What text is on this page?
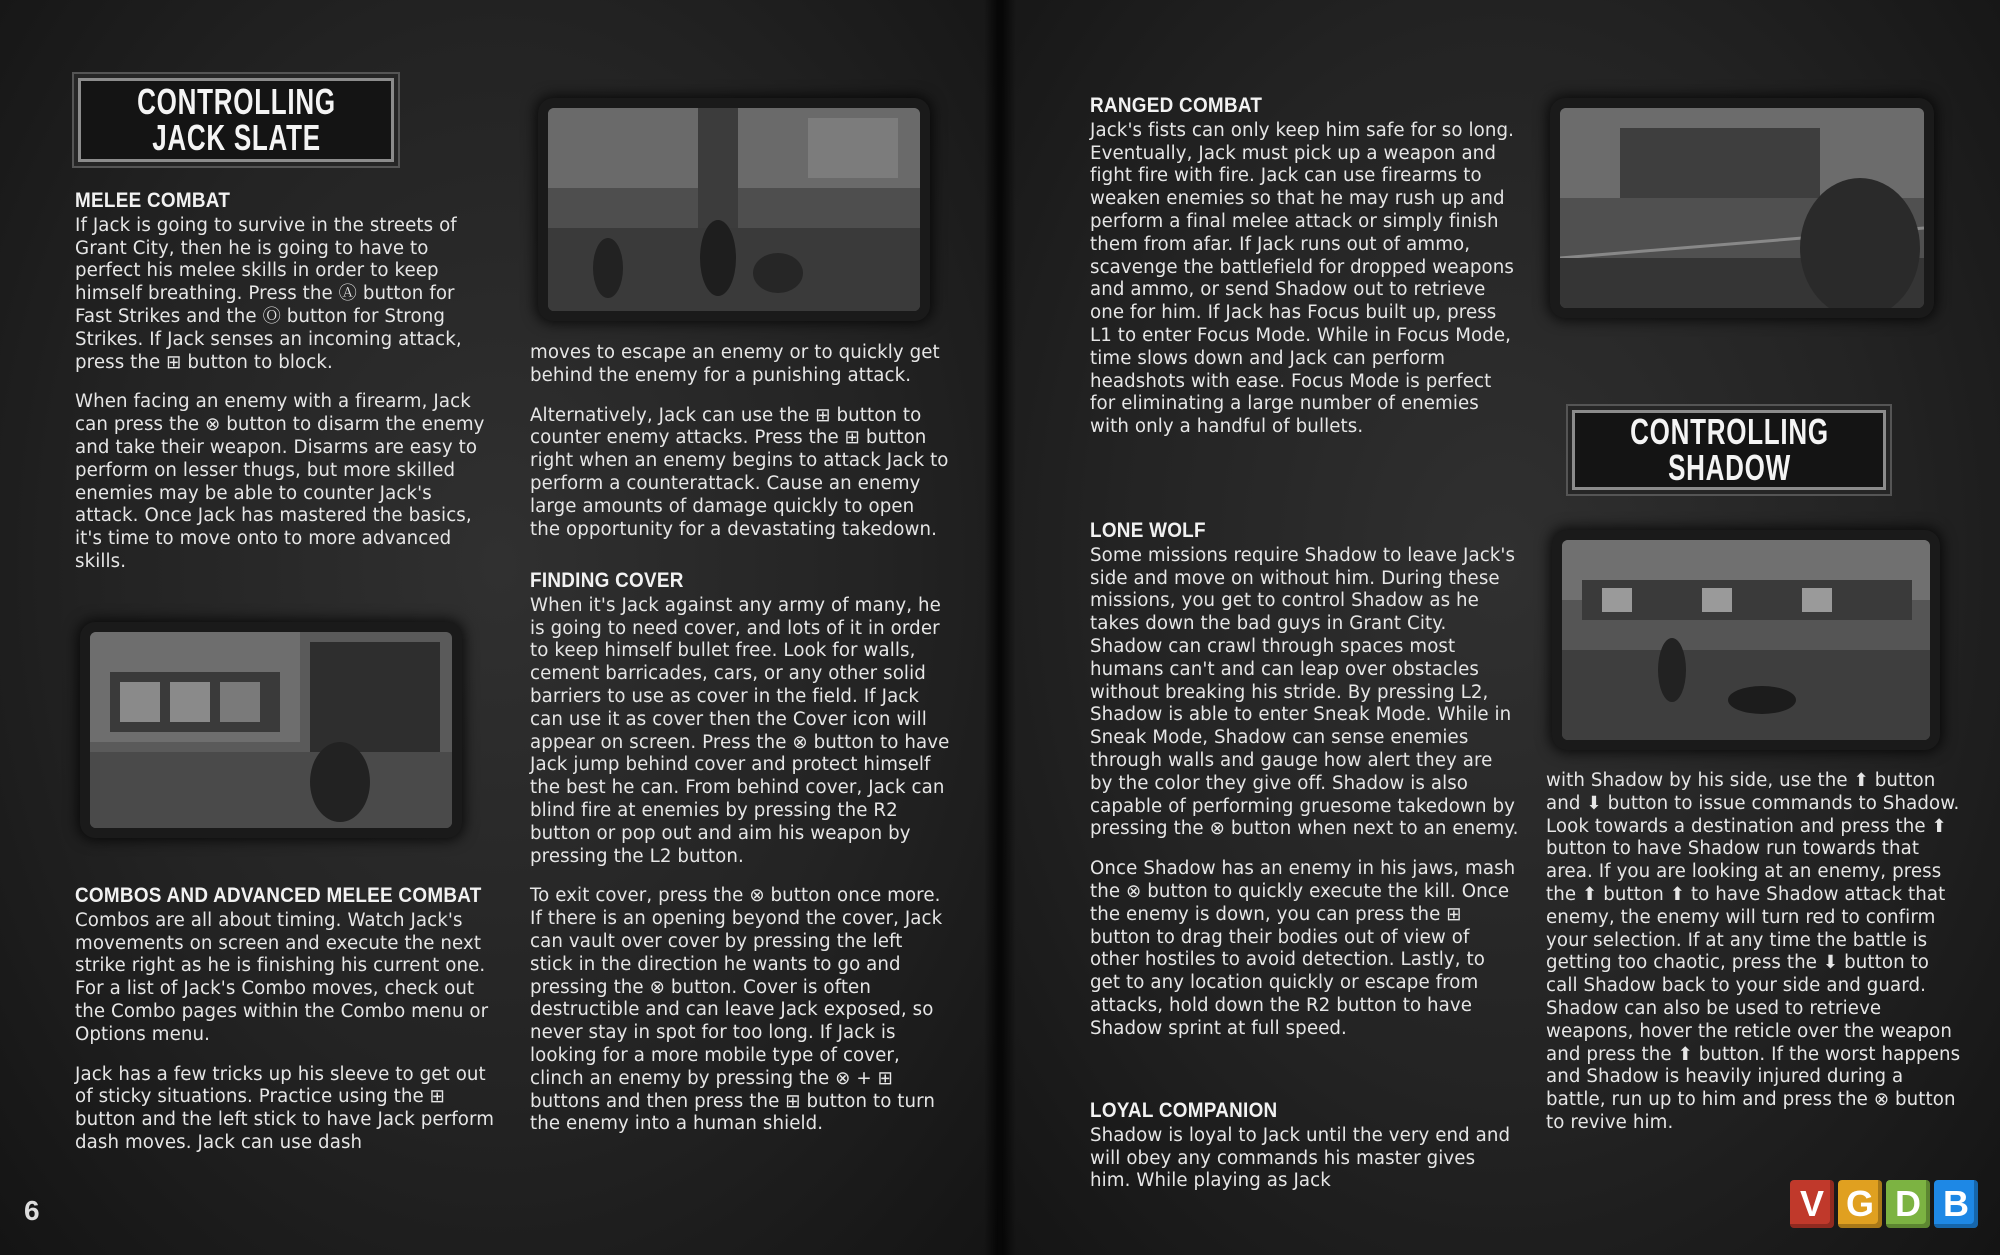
CONTROLLING
JACK SLATE
MELEE COMBAT

If Jack is going to survive in the streets of Grant City, then he is going to have to perfect his melee skills in order to keep himself breathing. Press the Ⓐ button for Fast Strikes and the Ⓞ button for Strong Strikes. If Jack senses an incoming attack, press the ⊞ button to block.

When facing an enemy with a firearm, Jack can press the ⊗ button to disarm the enemy and take their weapon. Disarms are easy to perform on lesser thugs, but more skilled enemies may be able to counter Jack's attack. Once Jack has mastered the basics, it's time to move onto to more advanced skills.

COMBOS AND ADVANCED MELEE COMBAT

Combos are all about timing. Watch Jack's movements on screen and execute the next strike right as he is finishing his current one. For a list of Jack's Combo moves, check out the Combo pages within the Combo menu or Options menu.

Jack has a few tricks up his sleeve to get out of sticky situations. Practice using the ⊞ button and the left stick to have Jack perform dash moves. Jack can use dash

moves to escape an enemy or to quickly get behind the enemy for a punishing attack.

Alternatively, Jack can use the ⊞ button to counter enemy attacks. Press the ⊞ button right when an enemy begins to attack Jack to perform a counterattack. Cause an enemy large amounts of damage quickly to open the opportunity for a devastating takedown.

FINDING COVER

When it's Jack against any army of many, he is going to need cover, and lots of it in order to keep himself bullet free. Look for walls, cement barricades, cars, or any other solid barriers to use as cover in the field. If Jack can use it as cover then the Cover icon will appear on screen. Press the ⊗ button to have Jack jump behind cover and protect himself the best he can. From behind cover, Jack can blind fire at enemies by pressing the R2 button or pop out and aim his weapon by pressing the L2 button.

To exit cover, press the ⊗ button once more. If there is an opening beyond the cover, Jack can vault over cover by pressing the left stick in the direction he wants to go and pressing the ⊗ button. Cover is often destructible and can leave Jack exposed, so never stay in spot for too long. If Jack is looking for a more mobile type of cover, clinch an enemy by pressing the ⊗ + ⊞ buttons and then press the ⊞ button to turn the enemy into a human shield.

6
RANGED COMBAT

Jack's fists can only keep him safe for so long. Eventually, Jack must pick up a weapon and fight fire with fire. Jack can use firearms to weaken enemies so that he may rush up and perform a final melee attack or simply finish them from afar. If Jack runs out of ammo, scavenge the battlefield for dropped weapons and ammo, or send Shadow out to retrieve one for him. If Jack has Focus built up, press L1 to enter Focus Mode. While in Focus Mode, time slows down and Jack can perform headshots with ease. Focus Mode is perfect for eliminating a large number of enemies with only a handful of bullets.	CONTROLLING
SHADOW
LONE WOLF

Some missions require Shadow to leave Jack's side and move on without him. During these missions, you get to control Shadow as he takes down the bad guys in Grant City. Shadow can crawl through spaces most humans can't and can leap over obstacles without breaking his stride. By pressing L2, Shadow is able to enter Sneak Mode. While in Sneak Mode, Shadow can sense enemies through walls and gauge how alert they are by the color they give off. Shadow is also capable of performing gruesome takedown by pressing the ⊗ button when next to an enemy.

Once Shadow has an enemy in his jaws, mash the ⊗ button to quickly execute the kill. Once the enemy is down, you can press the ⊞ button to drag their bodies out of view of other hostiles to avoid detection. Lastly, to get to any location quickly or escape from attacks, hold down the R2 button to have Shadow sprint at full speed.

LOYAL COMPANION

Shadow is loyal to Jack until the very end and will obey any commands his master gives him. While playing as Jack

with Shadow by his side, use the ⬆ button and ⬇ button to issue commands to Shadow. Look towards a destination and press the ⬆ button to have Shadow run towards that area. If you are looking at an enemy, press the ⬆ button ⬆ to have Shadow attack that enemy, the enemy will turn red to confirm your selection. If at any time the battle is getting too chaotic, press the ⬇ button to call Shadow back to your side and guard. Shadow can also be used to retrieve weapons, hover the reticle over the weapon and press the ⬆ button. If the worst happens and Shadow is heavily injured during a battle, run up to him and press the ⊗ button to revive him.

V G D B
